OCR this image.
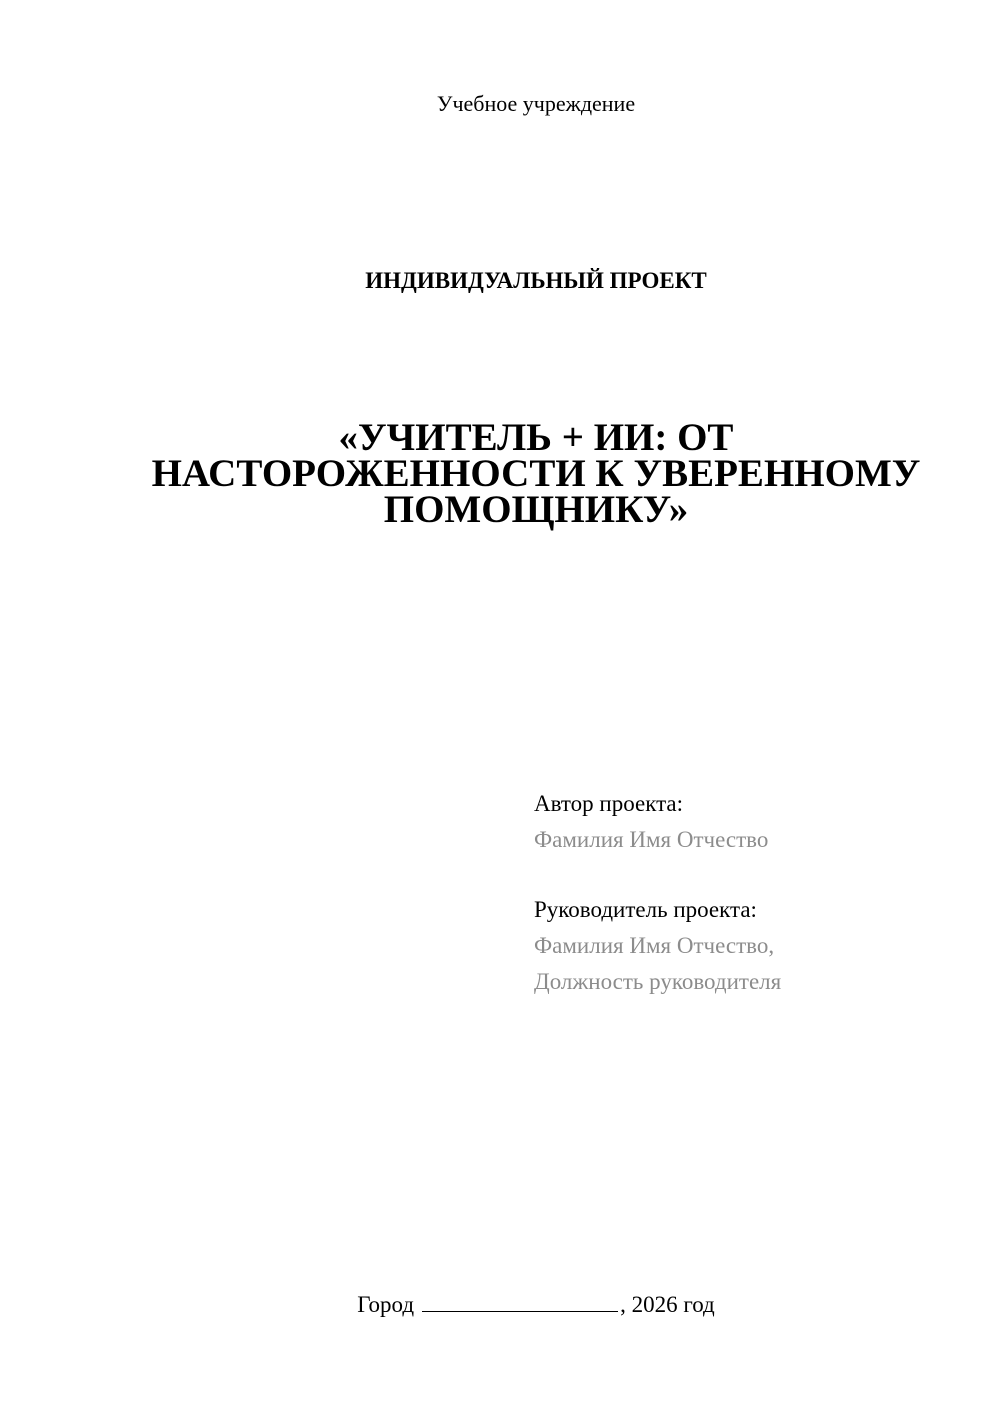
Учебное учреждение
ИНДИВИДУАЛЬНЫЙ ПРОЕКТ
«УЧИТЕЛЬ + ИИ: ОТ
НАСТОРОЖЕННОСТИ К УВЕРЕННОМУ
ПОМОЩНИКУ»
Автор проекта:
Фамилия Имя Отчество
Руководитель проекта:
Фамилия Имя Отчество,
Должность руководителя
Город	, 2026 год
